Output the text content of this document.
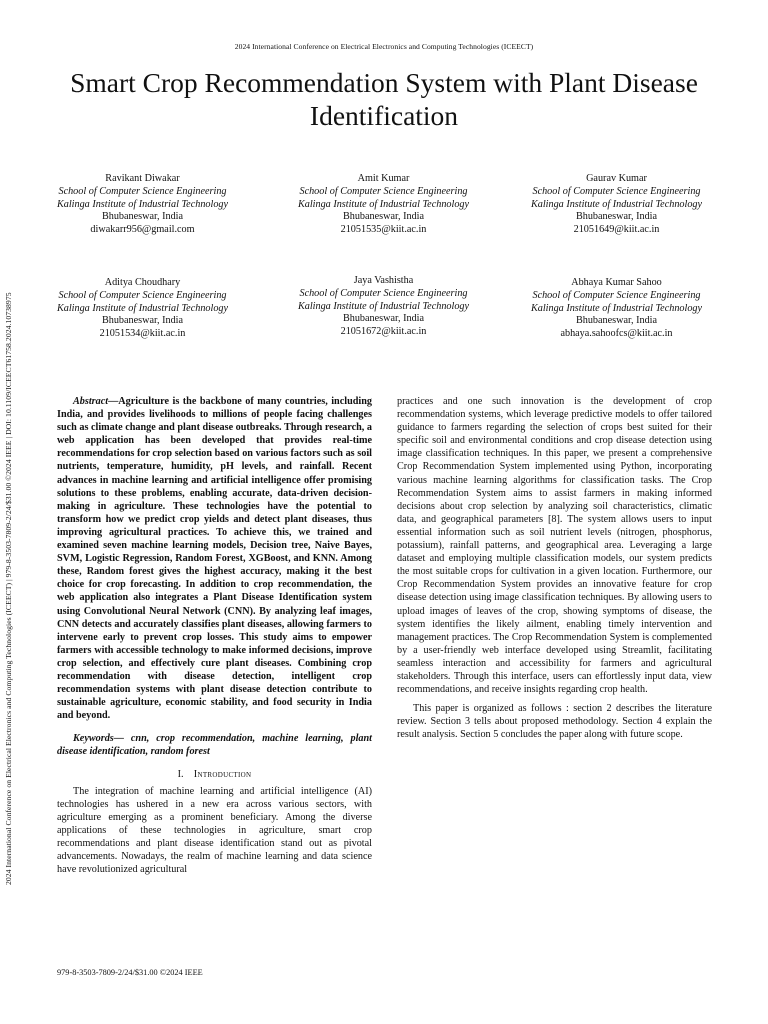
2024 International Conference on Electrical Electronics and Computing Technologies (ICEECT)
2024 International Conference on Electrical Electronics and Computing Technologies (ICEECT) | 979-8-3503-7809-2/24/$31.00 ©2024 IEEE | DOI: 10.1109/ICEECT61758.2024.10738975
Smart Crop Recommendation System with Plant Disease Identification
Ravikant Diwakar
School of Computer Science Engineering
Kalinga Institute of Industrial Technology
Bhubaneswar, India
diwakarr956@gmail.com
Amit Kumar
School of Computer Science Engineering
Kalinga Institute of Industrial Technology
Bhubaneswar, India
21051535@kiit.ac.in
Gaurav Kumar
School of Computer Science Engineering
Kalinga Institute of Industrial Technology
Bhubaneswar, India
21051649@kiit.ac.in
Aditya Choudhary
School of Computer Science Engineering
Kalinga Institute of Industrial Technology
Bhubaneswar, India
21051534@kiit.ac.in
Jaya Vashistha
School of Computer Science Engineering
Kalinga Institute of Industrial Technology
Bhubaneswar, India
21051672@kiit.ac.in
Abhaya Kumar Sahoo
School of Computer Science Engineering
Kalinga Institute of Industrial Technology
Bhubaneswar, India
abhaya.sahoofcs@kiit.ac.in

Abstract—Agriculture is the backbone of many countries, including India, and provides livelihoods to millions of people facing challenges such as climate change and plant disease outbreaks. Through research, a web application has been developed that provides real-time recommendations for crop selection based on various factors such as soil nutrients, temperature, humidity, pH levels, and rainfall. Recent advances in machine learning and artificial intelligence offer promising solutions to these problems, enabling accurate, data-driven decision-making in agriculture. These technologies have the potential to transform how we predict crop yields and detect plant diseases, thus improving agricultural practices. To achieve this, we trained and examined seven machine learning models, Decision tree, Naive Bayes, SVM, Logistic Regression, Random Forest, XGBoost, and KNN. Among these, Random forest gives the highest accuracy, making it the best choice for crop forecasting. In addition to crop recommendation, the web application also integrates a Plant Disease Identification system using Convolutional Neural Network (CNN). By analyzing leaf images, CNN detects and accurately classifies plant diseases, allowing farmers to intervene early to prevent crop losses. This study aims to empower farmers with accessible technology to make informed decisions, improve crop selection, and effectively cure plant diseases. Combining crop recommendation with disease detection, intelligent crop recommendation systems with plant disease detection contribute to sustainable agriculture, economic stability, and food security in India and beyond.

Keywords— cnn, crop recommendation, machine learning, plant disease identification, random forest

I. Introduction

The integration of machine learning and artificial intelligence (AI) technologies has ushered in a new era across various sectors, with agriculture emerging as a prominent beneficiary. Among the diverse applications of these technologies in agriculture, smart crop recommendations and plant disease identification stand out as pivotal advancements. Nowadays, the realm of machine learning and data science have revolutionized agricultural

practices and one such innovation is the development of crop recommendation systems, which leverage predictive models to offer tailored guidance to farmers regarding the selection of crops best suited for their specific soil and environmental conditions and crop disease detection using image classification techniques. In this paper, we present a comprehensive Crop Recommendation System implemented using Python, incorporating various machine learning algorithms for classification tasks. The Crop Recommendation System aims to assist farmers in making informed decisions about crop selection by analyzing soil characteristics, climatic data, and geographical parameters [8]. The system allows users to input essential information such as soil nutrient levels (nitrogen, phosphorus, potassium), rainfall patterns, and geographical area. Leveraging a large dataset and employing multiple classification models, our system predicts the most suitable crops for cultivation in a given location. Furthermore, our Crop Recommendation System provides an innovative feature for crop disease detection using image classification techniques. By allowing users to upload images of leaves of the crop, showing symptoms of disease, the system identifies the likely ailment, enabling timely intervention and management practices. The Crop Recommendation System is complemented by a user-friendly web interface developed using Streamlit, facilitating seamless interaction and accessibility for farmers and agricultural stakeholders. Through this interface, users can effortlessly input data, view recommendations, and receive insights regarding crop health.

This paper is organized as follows : section 2 describes the literature review. Section 3 tells about proposed methodology. Section 4 explain the result analysis. Section 5 concludes the paper along with future scope.

979-8-3503-7809-2/24/$31.00 ©2024 IEEE
